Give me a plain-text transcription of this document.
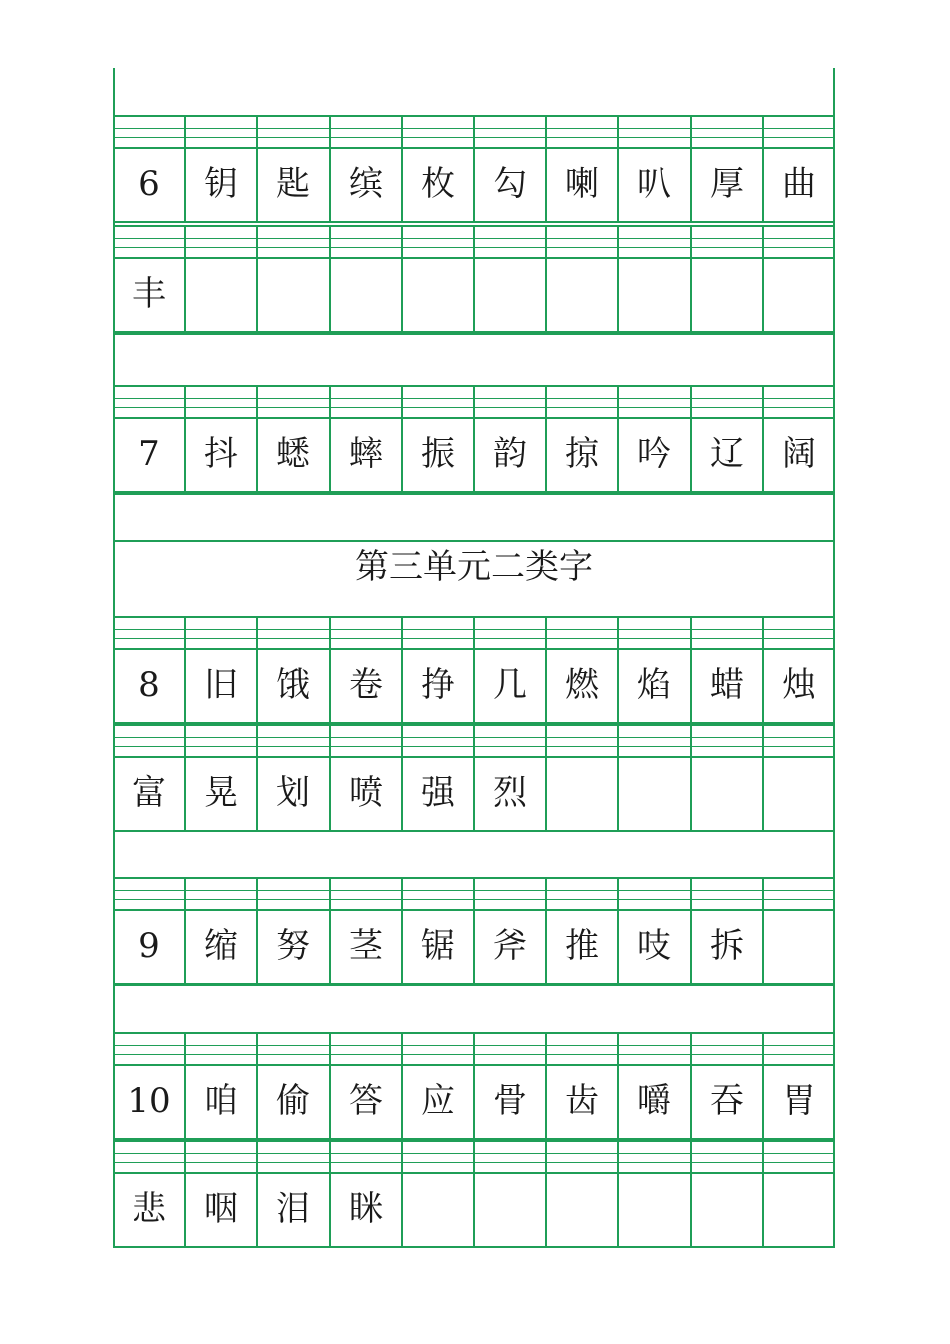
6	钥	匙	缤	枚	勾	喇	叭	厚	曲
丰
7	抖	蟋	蟀	振	韵	掠	吟	辽	阔
第三单元二类字
8	旧	饿	卷	挣	几	燃	焰	蜡	烛
富	晃	划	喷	强	烈
9	缩	努	茎	锯	斧	推	吱	拆
10 咱	偷	答	应	骨	齿	嚼	吞	胃
悲	咽	泪	眯
